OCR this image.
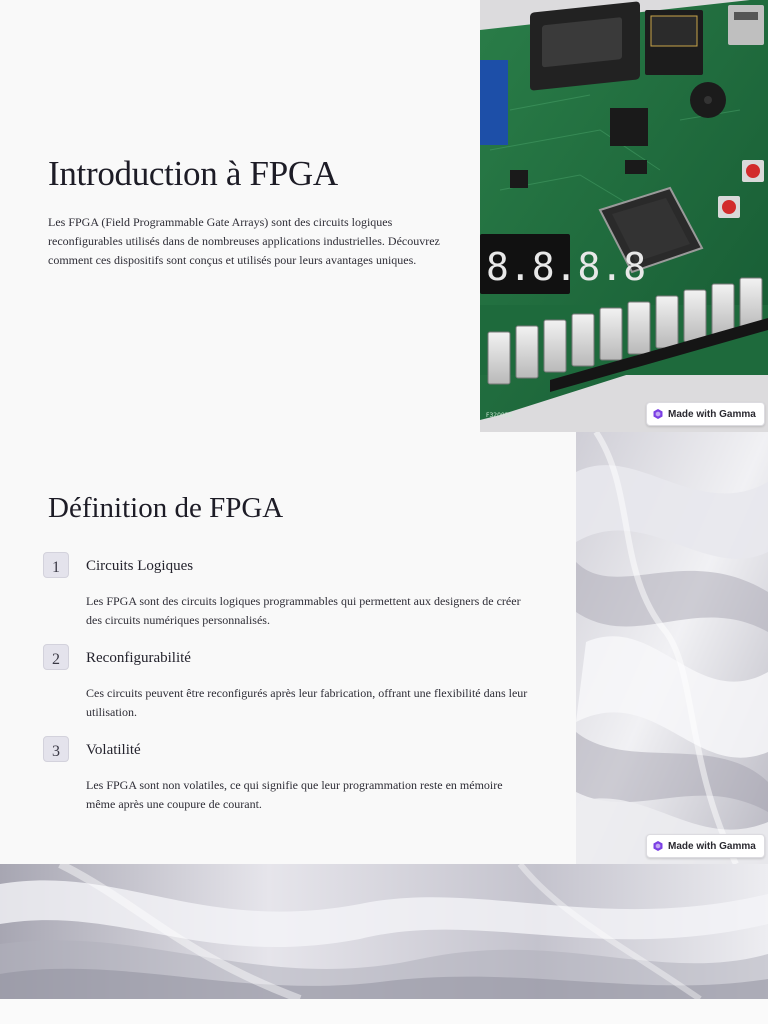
Introduction à FPGA

Les FPGA (Field Programmable Gate Arrays) sont des circuits logiques reconfigurables utilisés dans de nombreuses applications industrielles. Découvrez comment ces dispositifs sont conçus et utilisés pour leurs avantages uniques.	8.8.8.8
F320055	Made with Gamma
Définition de FPGA
1	Circuits Logiques

Les FPGA sont des circuits logiques programmables qui permettent aux designers de créer des circuits numériques personnalisés.

2	Reconfigurabilité

Ces circuits peuvent être reconfigurés après leur fabrication, offrant une flexibilité dans leur utilisation.

3	Volatilité

Les FPGA sont non volatiles, ce qui signifie que leur programmation reste en mémoire même après une coupure de courant.

Made with Gamma
